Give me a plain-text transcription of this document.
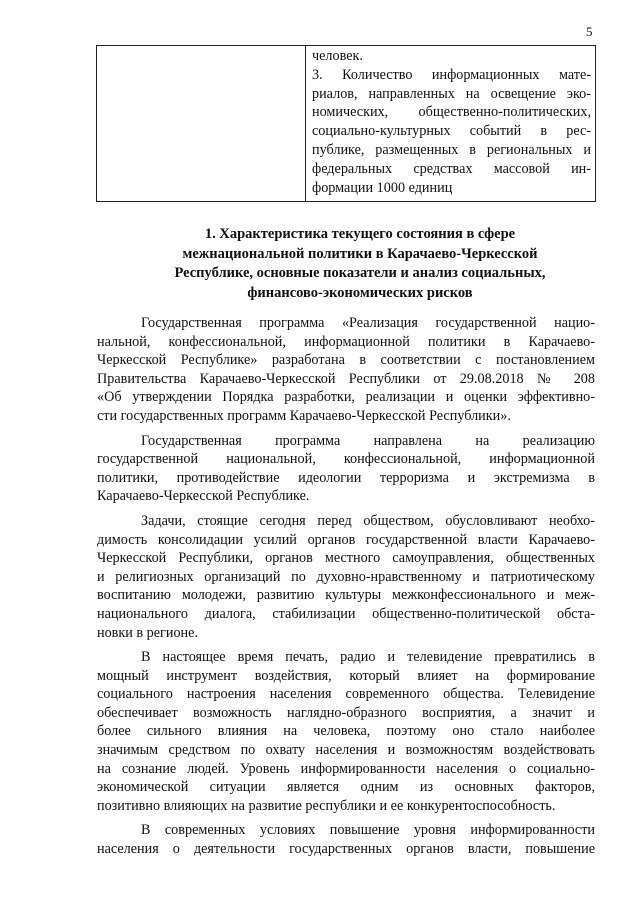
5

человек.
3. Количество информационных мате-
риалов, направленных на освещение эко-
номических, общественно-политических,
социально-культурных событий в рес-
публике, размещенных в региональных и
федеральных средствах массовой ин-
формации 1000 единиц
1. Характеристика текущего состояния в сфере
межнациональной политики в Карачаево-Черкесской
Республике, основные показатели и анализ социальных,
финансово-экономических рисков
Государственная программа «Реализация государственной нацио-
нальной, конфессиональной, информационной политики в Карачаево-
Черкесской Республике» разработана в соответствии с постановлением
Правительства Карачаево-Черкесской Республики от 29.08.2018 № 208
«Об утверждении Порядка разработки, реализации и оценки эффективно-
сти государственных программ Карачаево-Черкесской Республики».
Государственная программа направлена на реализацию
государственной национальной, конфессиональной, информационной
политики, противодействие идеологии терроризма и экстремизма в
Карачаево-Черкесской Республике.
Задачи, стоящие сегодня перед обществом, обусловливают необхо-
димость консолидации усилий органов государственной власти Карачаево-
Черкесской Республики, органов местного самоуправления, общественных
и религиозных организаций по духовно-нравственному и патриотическому
воспитанию молодежи, развитию культуры межконфессионального и меж-
национального диалога, стабилизации общественно-политической обста-
новки в регионе.
В настоящее время печать, радио и телевидение превратились в
мощный инструмент воздействия, который влияет на формирование
социального настроения населения современного общества. Телевидение
обеспечивает возможность наглядно-образного восприятия, а значит и
более сильного влияния на человека, поэтому оно стало наиболее
значимым средством по охвату населения и возможностям воздействовать
на сознание людей. Уровень информированности населения о социально-
экономической ситуации является одним из основных факторов,
позитивно влияющих на развитие республики и ее конкурентоспособность.
В современных условиях повышение уровня информированности
населения о деятельности государственных органов власти, повышение
